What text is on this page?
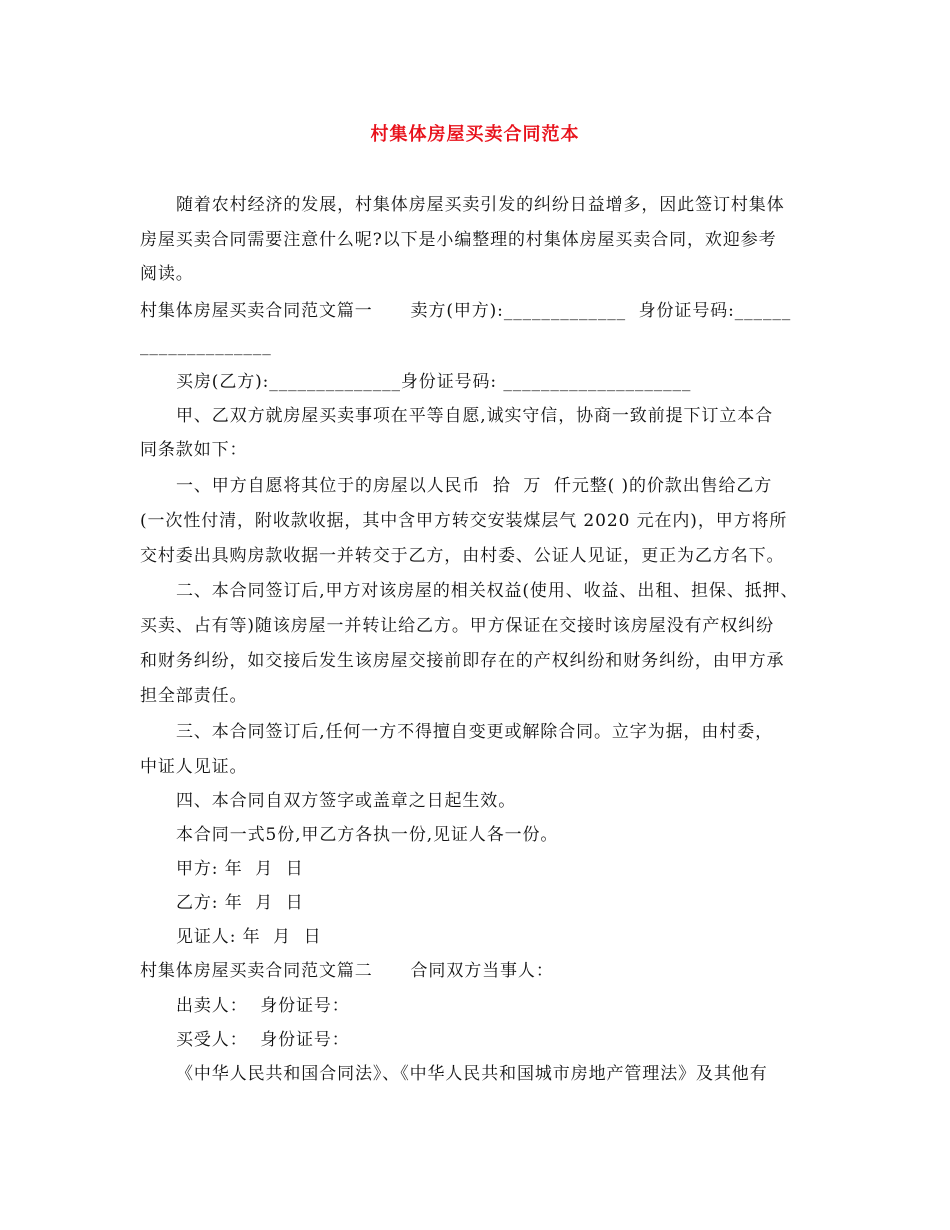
村集体房屋买卖合同范本
随着农村经济的发展，村集体房屋买卖引发的纠纷日益增多，因此签订村集体
房屋买卖合同需要注意什么呢?以下是小编整理的村集体房屋买卖合同，欢迎参考
阅读。
村集体房屋买卖合同范文篇一      卖方(甲方):_____________  身份证号码:______
______________
买房(乙方):______________身份证号码: ____________________
甲、乙双方就房屋买卖事项在平等自愿,诚实守信，协商一致前提下订立本合
同条款如下：
一、甲方自愿将其位于的房屋以人民币  拾  万  仟元整( )的价款出售给乙方
(一次性付清，附收款收据，其中含甲方转交安装煤层气 2020 元在内)，甲方将所
交村委出具购房款收据一并转交于乙方，由村委、公证人见证，更正为乙方名下。
二、本合同签订后,甲方对该房屋的相关权益(使用、收益、出租、担保、抵押、
买卖、占有等)随该房屋一并转让给乙方。甲方保证在交接时该房屋没有产权纠纷
和财务纠纷，如交接后发生该房屋交接前即存在的产权纠纷和财务纠纷，由甲方承
担全部责任。
三、本合同签订后,任何一方不得擅自变更或解除合同。立字为据，由村委，
中证人见证。
四、本合同自双方签字或盖章之日起生效。
本合同一式5份,甲乙方各执一份,见证人各一份。
甲方: 年  月  日
乙方: 年  月  日
见证人: 年  月  日
村集体房屋买卖合同范文篇二      合同双方当事人：
出卖人：  身份证号：
买受人：  身份证号：
《中华人民共和国合同法》、《中华人民共和国城市房地产管理法》及其他有
